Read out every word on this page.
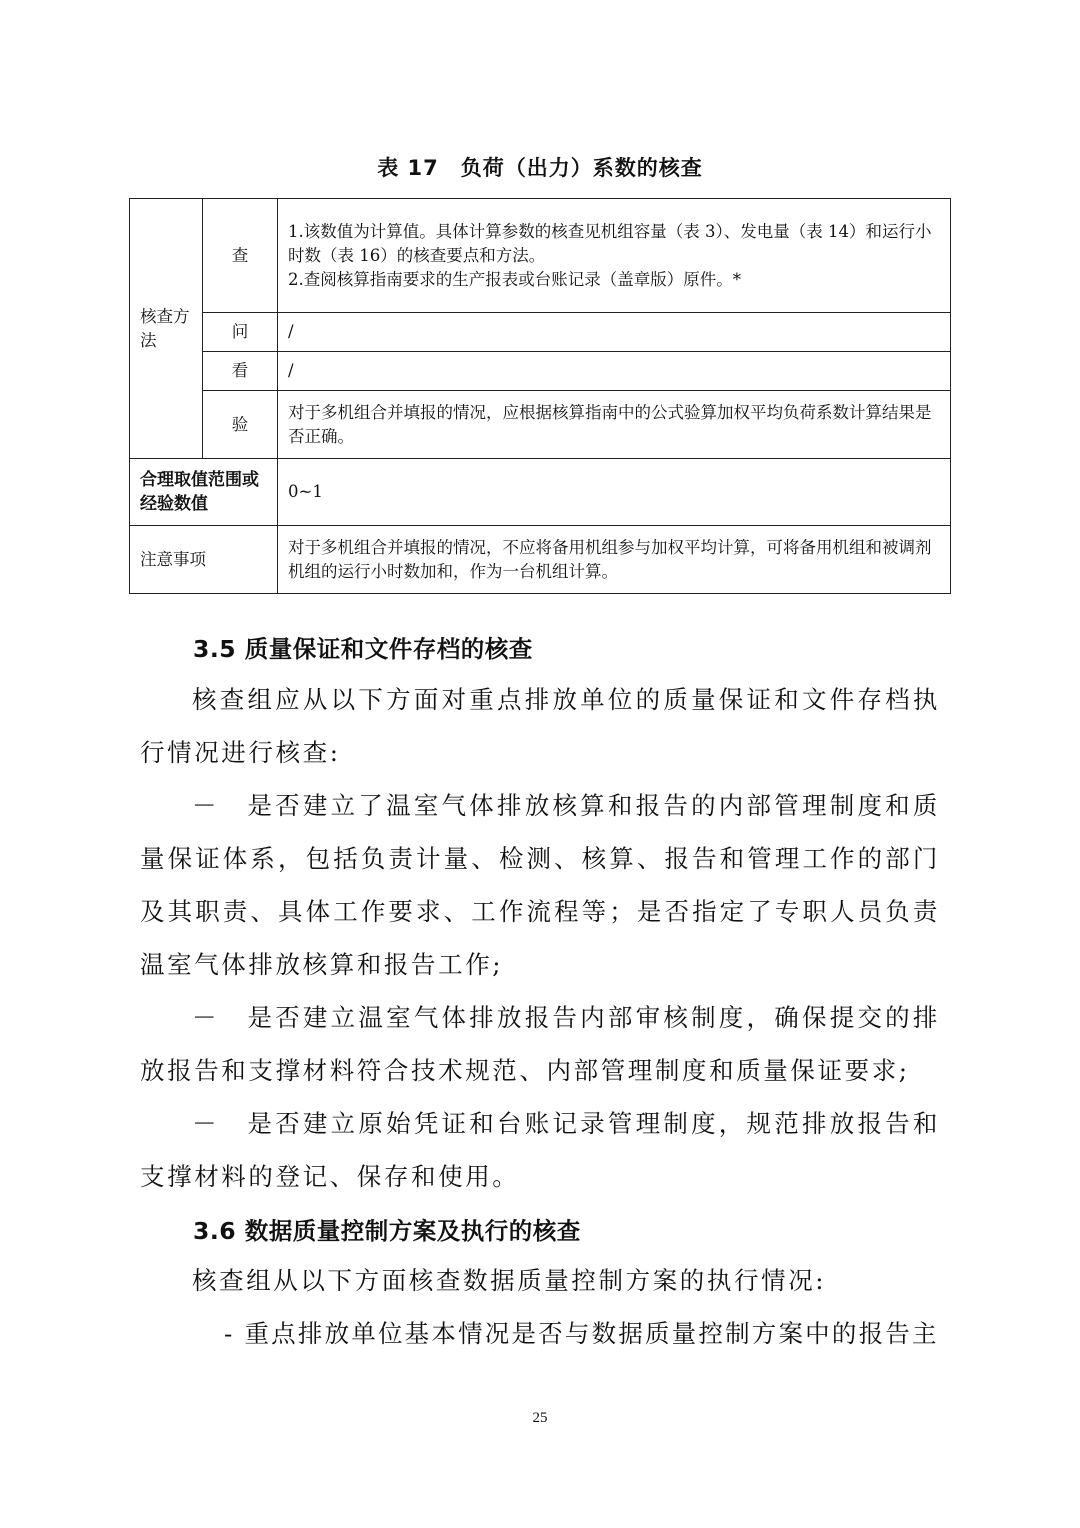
表 17　负荷（出力）系数的核查
核查方法	查	1.该数值为计算值。具体计算参数的核查见机组容量（表 3）、发电量（表 14）和运行小时数（表 16）的核查要点和方法。
2.查阅核算指南要求的生产报表或台账记录（盖章版）原件。*

	问	/
	看	/
	验	对于多机组合并填报的情况，应根据核算指南中的公式验算加权平均负荷系数计算结果是否正确。
合理取值范围或经验数值		0~1
注意事项		对于多机组合并填报的情况，不应将备用机组参与加权平均计算，可将备用机组和被调剂机组的运行小时数加和，作为一台机组计算。
3.5 质量保证和文件存档的核查
核查组应从以下方面对重点排放单位的质量保证和文件存档执行情况进行核查:
－　是否建立了温室气体排放核算和报告的内部管理制度和质量保证体系，包括负责计量、检测、核算、报告和管理工作的部门及其职责、具体工作要求、工作流程等；是否指定了专职人员负责温室气体排放核算和报告工作;
－　是否建立温室气体排放报告内部审核制度，确保提交的排放报告和支撑材料符合技术规范、内部管理制度和质量保证要求;
－　是否建立原始凭证和台账记录管理制度，规范排放报告和支撑材料的登记、保存和使用。
3.6 数据质量控制方案及执行的核查
核查组从以下方面核查数据质量控制方案的执行情况:
- 重点排放单位基本情况是否与数据质量控制方案中的报告主
25
